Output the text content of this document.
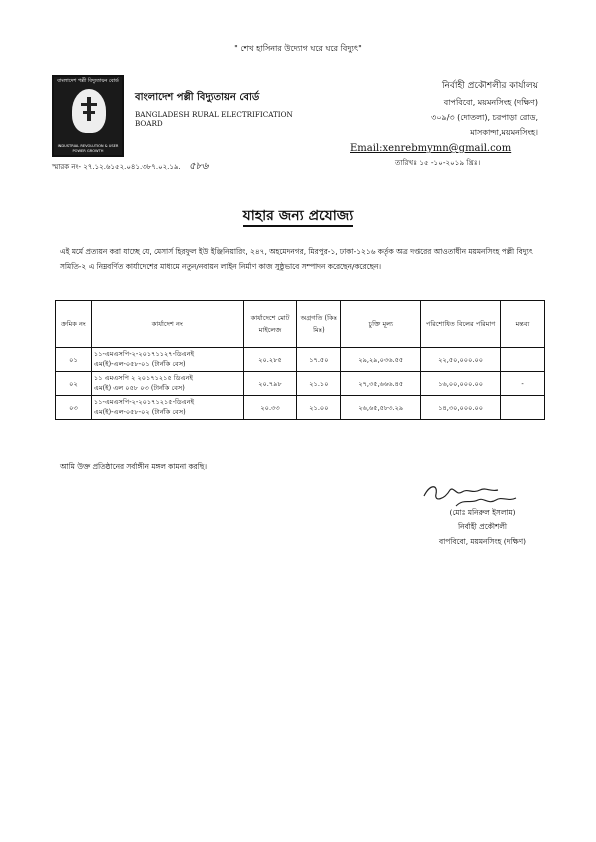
" শেখ হাসিনার উদ্যোগ ঘরে ঘরে বিদ্যুৎ"
বাংলাদেশ পল্লী বিদ্যুতায়ন বোর্ড
INDUSTRIAL REVOLUTION & USER POWER GROWTH
বাংলাদেশ পল্লী বিদ্যুতায়ন বোর্ড
BANGLADESH RURAL ELECTRIFICATION
BOARD
নির্বাহী প্রকৌশলীর কার্যালয়
বাপবিবো, ময়মনসিংহ (দক্ষিণ)
৩০৯/৩ (দোতলা), চরপাড়া রোড,
মাসকান্দা,ময়মনসিংহ।
Email:xenrebmymn@gmail.com
স্মারক নং- ২৭.১২.৬১৫২.০৪১.৩৮৭.০২.১৯. ৫৮৬	তারিখঃ ১৫ -১০-২০১৯ খ্রিঃ।
যাহার জন্য প্রযোজ্য
এই মর্মে প্রত্যয়ন করা যাচ্ছে যে, মেসার্স হিরফুল ইউ ইঞ্জিনিয়ারিং, ২৪৭, অহমেদনগর, মিরপুর-১, ঢাকা-১২১৬ কর্তৃক অত্র দপ্তরের আওতাধীন ময়মনসিংহ পল্লী বিদ্যুৎ সমিতি-২ এ নিম্নবর্ণিত কার্যাদেশের মাধ্যমে নতুন/নবায়ন লাইন নির্মাণ কাজ সুষ্ঠুভাবে সম্পাদন করেছেন/করেছেন।
ক্রমিক নং	কার্যাদেশ নং	কার্যাদেশে মোট মাইলেজ	অগ্রগতি (কিঃ মিঃ)	চুক্তি মূল্য	পরিশোধিত বিলের পরিমাণ	মন্তব্য
০১	১১-এমএসপি-২-২০১৭১১২৭-ডিএনই
এম(ই)-এল-০৫৮-০১ (টার্নকি বেস)	২০.২৮৫	১৭.৫০	২৯,২৯,০৩৬.৫৫	২২,৫০,০০০.০০	
০২	১১ এমএসপি ২ ২০১৭১২১৫ ডিএনই
এম(ই) এল ০৫৮ ০৩ (টার্নকি বেস)	২০.৭৯৮	২১.১০	২৭,৩৫,৬৬৬.৪৫	১৬,০০,০০০.০০	-
০৩	১১-এমএসপি-২-২০১৭১২১৫-ডিএনই
এম(ই)-এল-০৫৮-০২ (টার্নকি বেস)	২০.৩৩	২১.০০	২৬,৬৫,৫৮৩.২৯	১৪,৩০,০০০.০০	
আমি উক্ত প্রতিষ্ঠানের সর্বাঙ্গীন মঙ্গল কামনা করছি।
(মোঃ মনিরুল ইসলাম)
নির্বাহী প্রকৌশলী
বাপবিবো, ময়মনসিংহ (দক্ষিণ)
